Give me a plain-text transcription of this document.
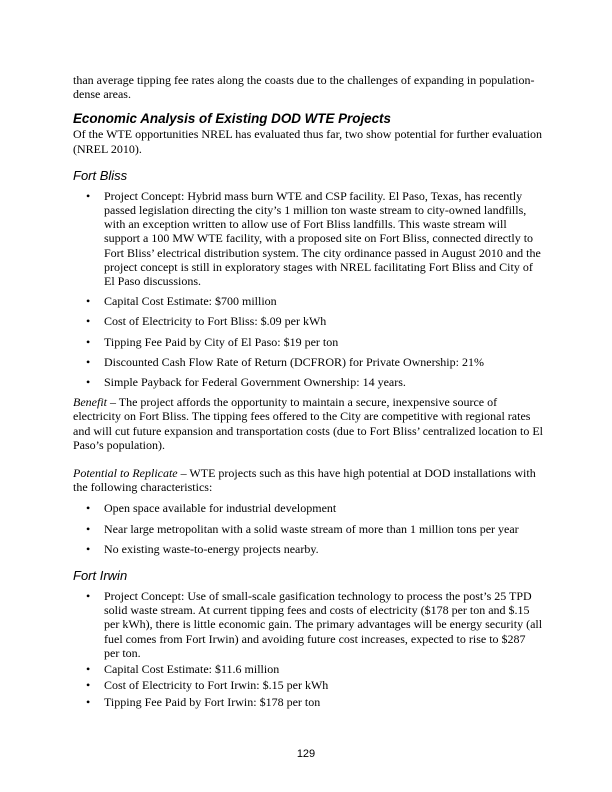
than average tipping fee rates along the coasts due to the challenges of expanding in population-dense areas.

Economic Analysis of Existing DOD WTE Projects

Of the WTE opportunities NREL has evaluated thus far, two show potential for further evaluation (NREL 2010).

Fort Bliss
• Project Concept: Hybrid mass burn WTE and CSP facility. El Paso, Texas, has recently passed legislation directing the city’s 1 million ton waste stream to city-owned landfills, with an exception written to allow use of Fort Bliss landfills. This waste stream will support a 100 MW WTE facility, with a proposed site on Fort Bliss, connected directly to Fort Bliss’ electrical distribution system. The city ordinance passed in August 2010 and the project concept is still in exploratory stages with NREL facilitating Fort Bliss and City of El Paso discussions.
• Capital Cost Estimate: $700 million
• Cost of Electricity to Fort Bliss: $.09 per kWh
• Tipping Fee Paid by City of El Paso: $19 per ton
• Discounted Cash Flow Rate of Return (DCFROR) for Private Ownership: 21%
• Simple Payback for Federal Government Ownership: 14 years.

Benefit – The project affords the opportunity to maintain a secure, inexpensive source of electricity on Fort Bliss. The tipping fees offered to the City are competitive with regional rates and will cut future expansion and transportation costs (due to Fort Bliss’ centralized location to El Paso’s population).

Potential to Replicate – WTE projects such as this have high potential at DOD installations with the following characteristics:

• Open space available for industrial development
• Near large metropolitan with a solid waste stream of more than 1 million tons per year
• No existing waste-to-energy projects nearby.
Fort Irwin
• Project Concept: Use of small-scale gasification technology to process the post’s 25 TPD solid waste stream. At current tipping fees and costs of electricity ($178 per ton and $.15 per kWh), there is little economic gain. The primary advantages will be energy security (all fuel comes from Fort Irwin) and avoiding future cost increases, expected to rise to $287 per ton.
• Capital Cost Estimate: $11.6 million
• Cost of Electricity to Fort Irwin: $.15 per kWh
• Tipping Fee Paid by Fort Irwin: $178 per ton
129
